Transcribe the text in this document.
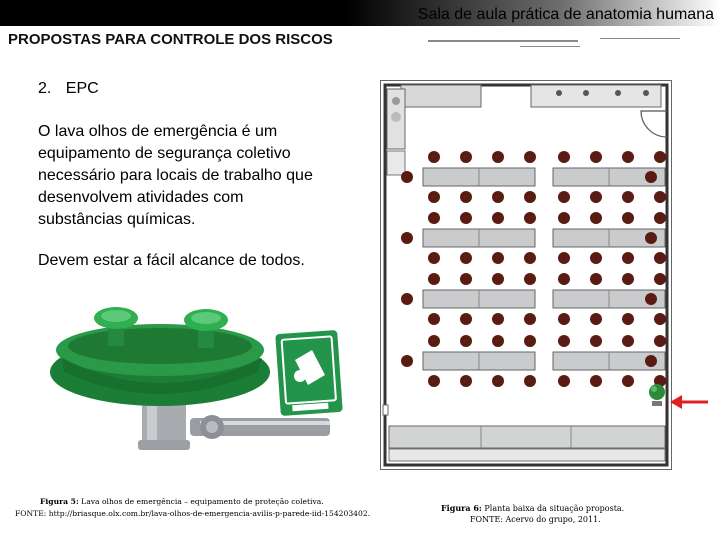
Sala de aula prática de anatomia humana
PROPOSTAS PARA CONTROLE DOS RISCOS
2. EPC
O lava olhos de emergência é um
equipamento de segurança coletivo
necessário para locais de trabalho que
desenvolvem atividades com
substâncias químicas.
Devem estar a fácil alcance de todos.
Figura 5: Lava olhos de emergência – equipamento de proteção coletiva.
FONTE: http://briasque.olx.com.br/lava-olhos-de-emergencia-avilis-p-parede-iid-154203402.
Figura 6: Planta baixa da situação proposta.
FONTE: Acervo do grupo, 2011.
